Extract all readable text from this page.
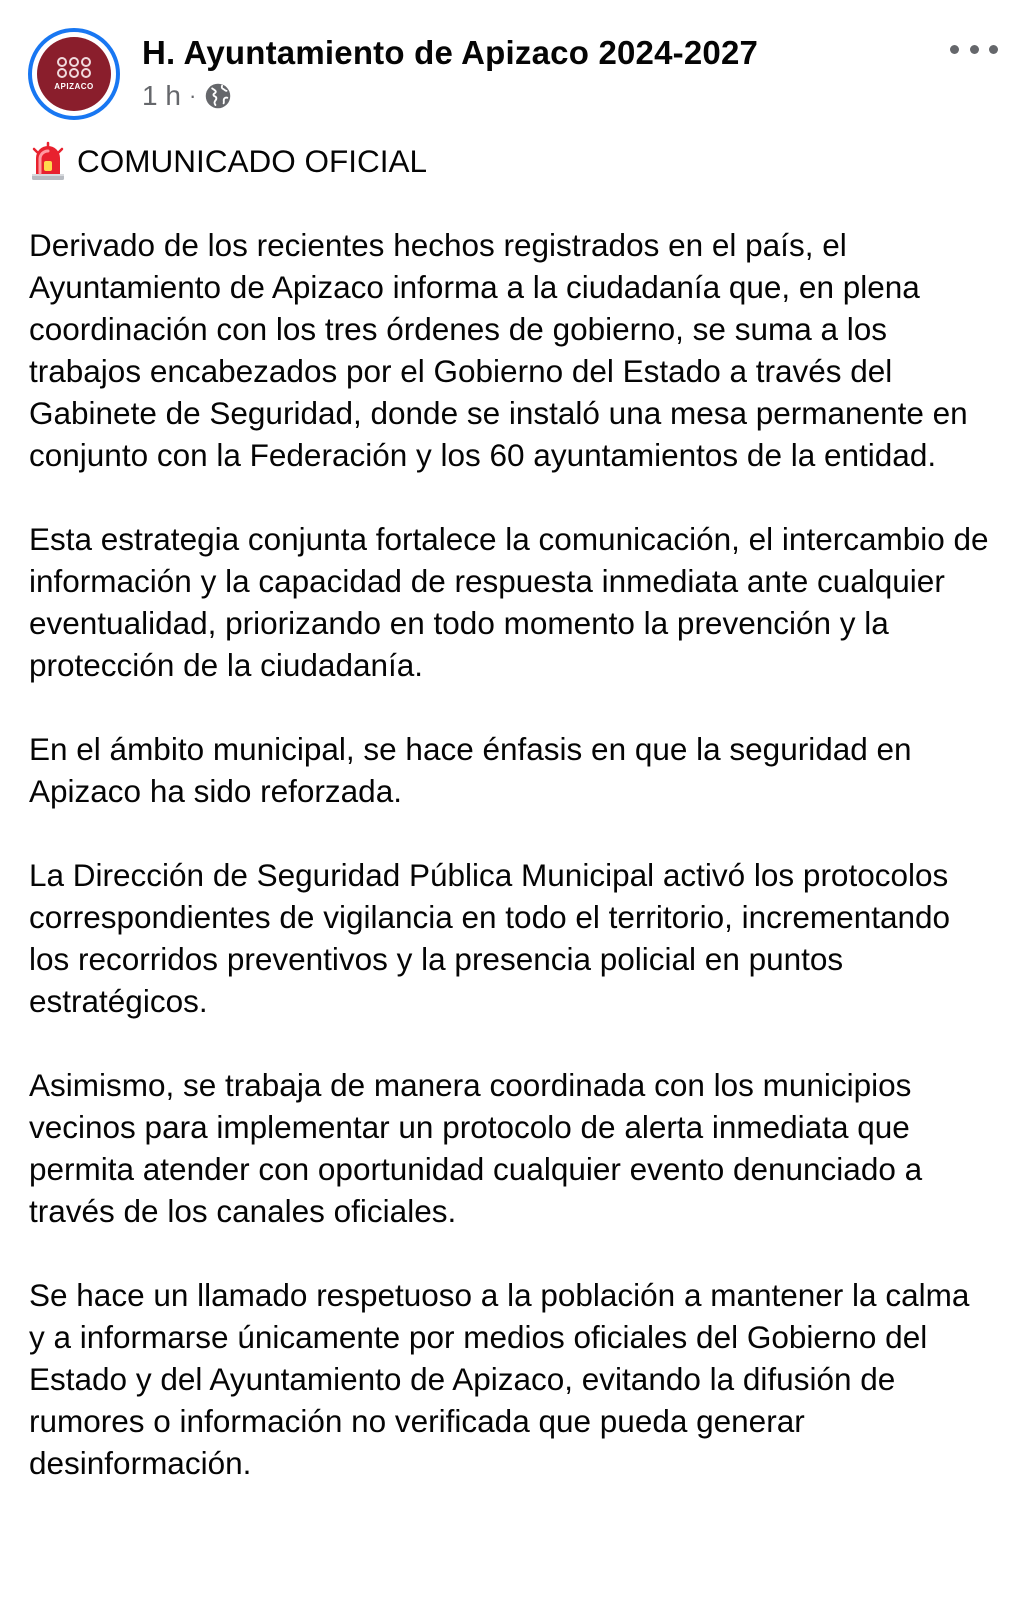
APIZACO
H. Ayuntamiento de Apizaco 2024-2027
1 h ·
COMUNICADO OFICIAL

Derivado de los recientes hechos registrados en el país, el Ayuntamiento de Apizaco informa a la ciudadanía que, en plena coordinación con los tres órdenes de gobierno, se suma a los trabajos encabezados por el Gobierno del Estado a través del Gabinete de Seguridad, donde se instaló una mesa permanente en conjunto con la Federación y los 60 ayuntamientos de la entidad.

Esta estrategia conjunta fortalece la comunicación, el intercambio de información y la capacidad de respuesta inmediata ante cualquier eventualidad, priorizando en todo momento la prevención y la protección de la ciudadanía.

En el ámbito municipal, se hace énfasis en que la seguridad en Apizaco ha sido reforzada.

La Dirección de Seguridad Pública Municipal activó los protocolos correspondientes de vigilancia en todo el territorio, incrementando los recorridos preventivos y la presencia policial en puntos estratégicos.

Asimismo, se trabaja de manera coordinada con los municipios vecinos para implementar un protocolo de alerta inmediata que permita atender con oportunidad cualquier evento denunciado a través de los canales oficiales.

Se hace un llamado respetuoso a la población a mantener la calma y a informarse únicamente por medios oficiales del Gobierno del Estado y del Ayuntamiento de Apizaco, evitando la difusión de rumores o información no verificada que pueda generar desinformación.
